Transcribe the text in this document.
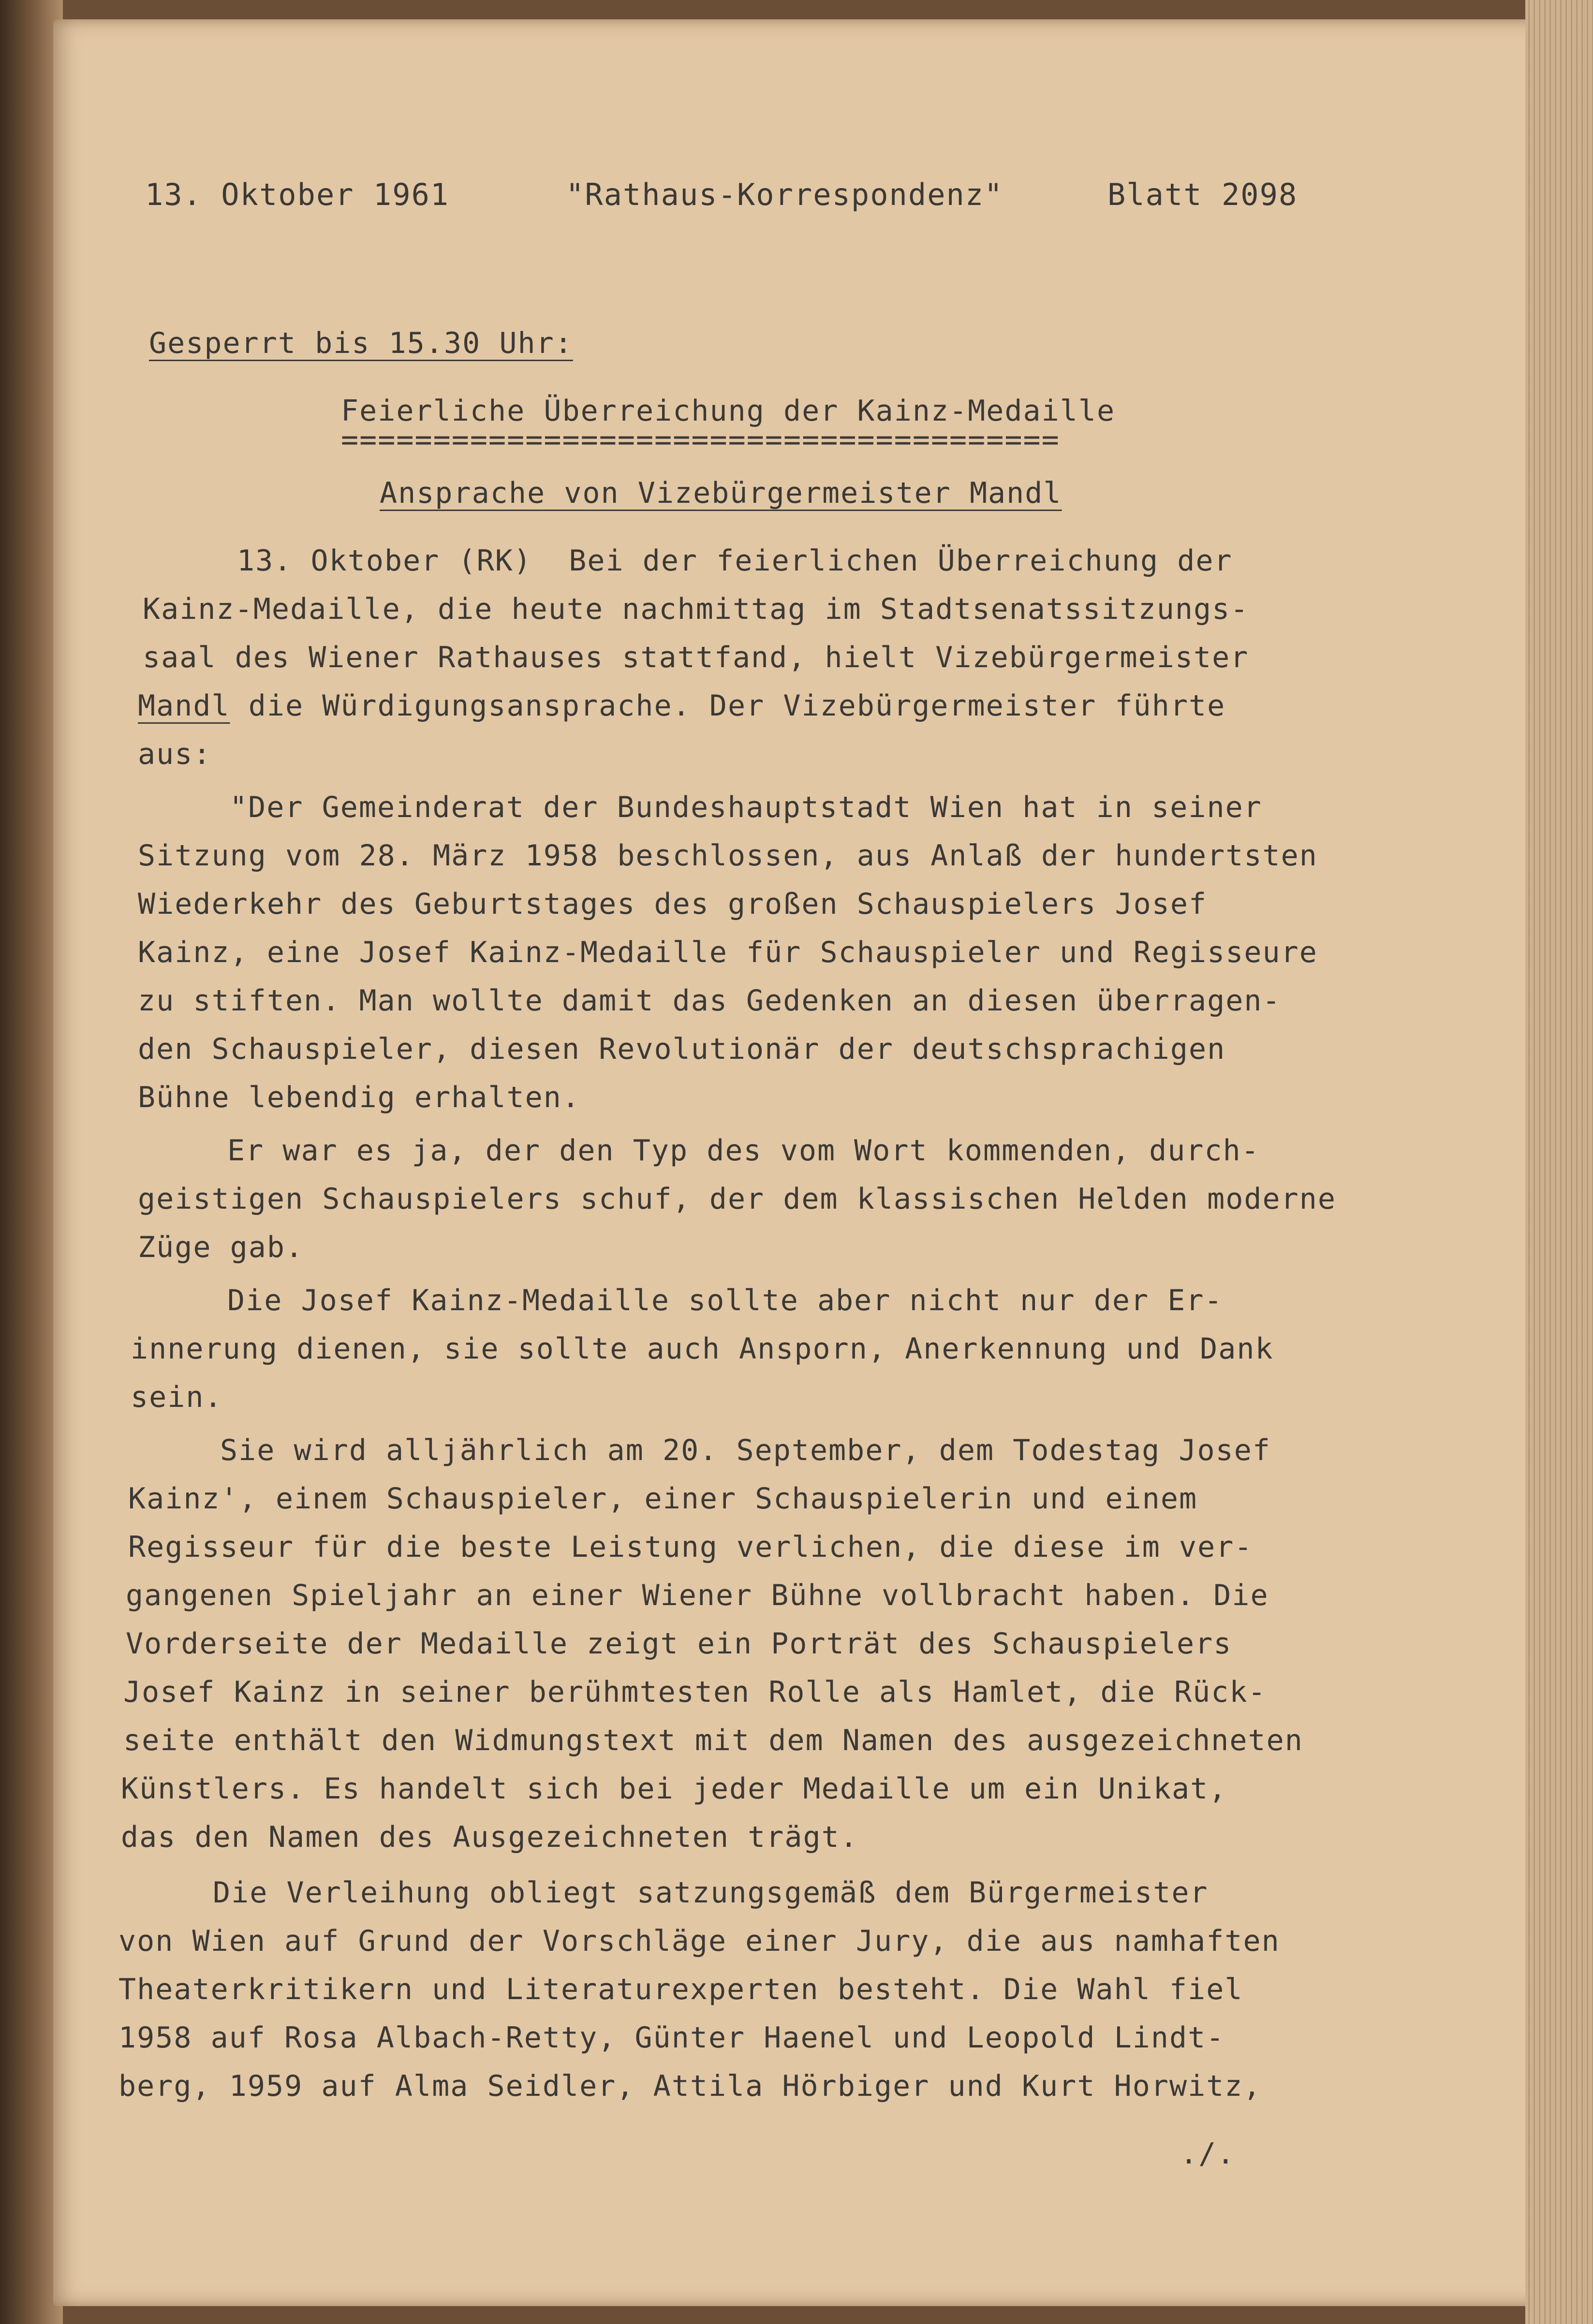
13. Oktober 1961	"Rathaus-Korrespondenz"	Blatt 2098
Gesperrt bis 15.30 Uhr:
Feierliche Überreichung der Kainz-Medaille
=======================================
Ansprache von Vizebürgermeister Mandl
13. Oktober (RK)  Bei der feierlichen Überreichung der
Kainz-Medaille, die heute nachmittag im Stadtsenatssitzungs-
saal des Wiener Rathauses stattfand, hielt Vizebürgermeister
Mandl die Würdigungsansprache. Der Vizebürgermeister führte
aus:
"Der Gemeinderat der Bundeshauptstadt Wien hat in seiner
Sitzung vom 28. März 1958 beschlossen, aus Anlaß der hundertsten
Wiederkehr des Geburtstages des großen Schauspielers Josef
Kainz, eine Josef Kainz-Medaille für Schauspieler und Regisseure
zu stiften. Man wollte damit das Gedenken an diesen überragen-
den Schauspieler, diesen Revolutionär der deutschsprachigen
Bühne lebendig erhalten.
Er war es ja, der den Typ des vom Wort kommenden, durch-
geistigen Schauspielers schuf, der dem klassischen Helden moderne
Züge gab.
Die Josef Kainz-Medaille sollte aber nicht nur der Er-
innerung dienen, sie sollte auch Ansporn, Anerkennung und Dank
sein.
Sie wird alljährlich am 20. September, dem Todestag Josef
Kainz', einem Schauspieler, einer Schauspielerin und einem
Regisseur für die beste Leistung verlichen, die diese im ver-
gangenen Spieljahr an einer Wiener Bühne vollbracht haben. Die
Vorderseite der Medaille zeigt ein Porträt des Schauspielers
Josef Kainz in seiner berühmtesten Rolle als Hamlet, die Rück-
seite enthält den Widmungstext mit dem Namen des ausgezeichneten
Künstlers. Es handelt sich bei jeder Medaille um ein Unikat,
das den Namen des Ausgezeichneten trägt.
Die Verleihung obliegt satzungsgemäß dem Bürgermeister
von Wien auf Grund der Vorschläge einer Jury, die aus namhaften
Theaterkritikern und Literaturexperten besteht. Die Wahl fiel
1958 auf Rosa Albach-Retty, Günter Haenel und Leopold Lindt-
berg, 1959 auf Alma Seidler, Attila Hörbiger und Kurt Horwitz,
./.
